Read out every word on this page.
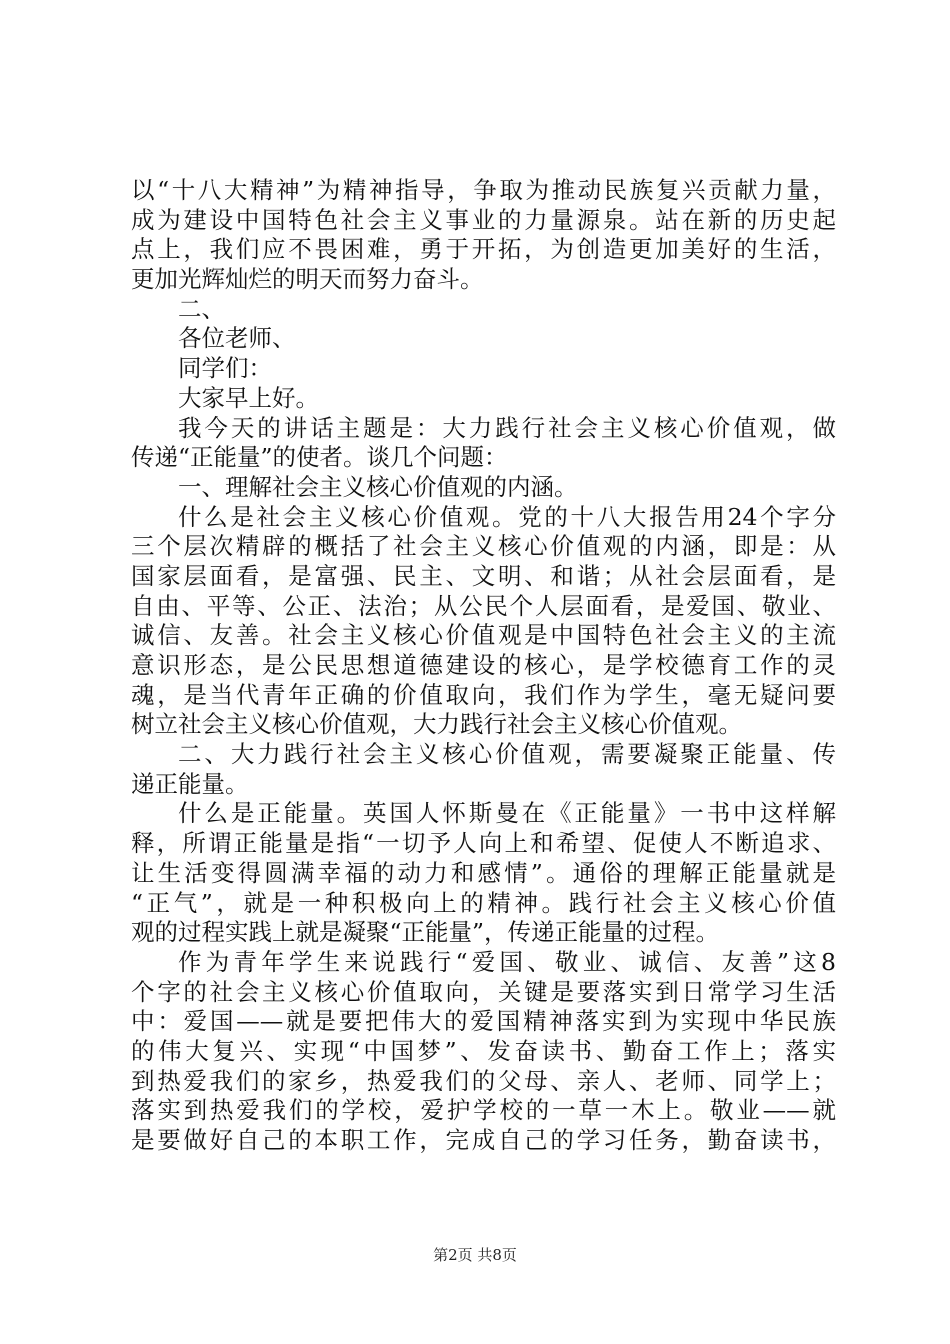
以“十八大精神”为精神指导，争取为推动民族复兴贡献力量，
成为建设中国特色社会主义事业的力量源泉。站在新的历史起
点上，我们应不畏困难，勇于开拓，为创造更加美好的生活，
更加光辉灿烂的明天而努力奋斗。
二、
各位老师、
同学们：
大家早上好。
我今天的讲话主题是：大力践行社会主义核心价值观，做
传递“正能量”的使者。谈几个问题：
一、理解社会主义核心价值观的内涵。
什么是社会主义核心价值观。党的十八大报告用24个字分
三个层次精辟的概括了社会主义核心价值观的内涵，即是：从
国家层面看，是富强、民主、文明、和谐；从社会层面看，是
自由、平等、公正、法治；从公民个人层面看，是爱国、敬业、
诚信、友善。社会主义核心价值观是中国特色社会主义的主流
意识形态，是公民思想道德建设的核心，是学校德育工作的灵
魂，是当代青年正确的价值取向，我们作为学生，毫无疑问要
树立社会主义核心价值观，大力践行社会主义核心价值观。
二、大力践行社会主义核心价值观，需要凝聚正能量、传
递正能量。
什么是正能量。英国人怀斯曼在《正能量》一书中这样解
释，所谓正能量是指“一切予人向上和希望、促使人不断追求、
让生活变得圆满幸福的动力和感情”。通俗的理解正能量就是
“正气”，就是一种积极向上的精神。践行社会主义核心价值
观的过程实践上就是凝聚“正能量”，传递正能量的过程。
作为青年学生来说践行“爱国、敬业、诚信、友善”这8
个字的社会主义核心价值取向，关键是要落实到日常学习生活
中：爱国——就是要把伟大的爱国精神落实到为实现中华民族
的伟大复兴、实现“中国梦”、发奋读书、勤奋工作上；落实
到热爱我们的家乡，热爱我们的父母、亲人、老师、同学上；
落实到热爱我们的学校，爱护学校的一草一木上。敬业——就
是要做好自己的本职工作，完成自己的学习任务，勤奋读书，
第2页 共8页
